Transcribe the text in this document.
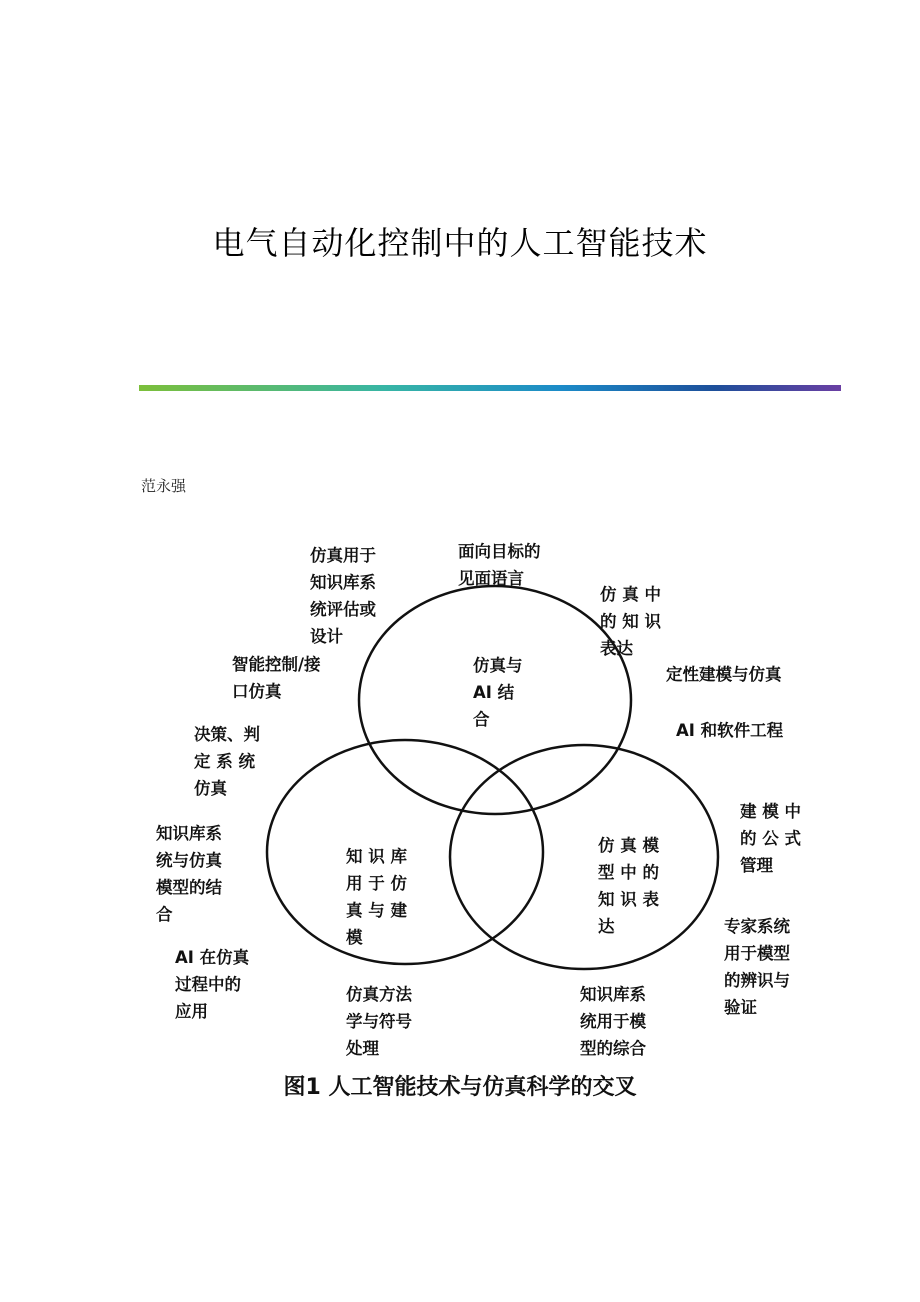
电气自动化控制中的人工智能技术
范永强
仿真与
AI 结
合
知 识 库
用 于 仿
真 与 建
模
仿 真 模
型 中 的
知 识 表
达
仿真用于
知识库系
统评估或
设计
面向目标的
见面语言
仿 真 中
的 知 识
表达
智能控制/接
口仿真
定性建模与仿真
AI 和软件工程
决策、判
定 系 统
仿真
建 模 中
的 公 式
管理
知识库系
统与仿真
模型的结
合
专家系统
用于模型
的辨识与
验证
AI 在仿真
过程中的
应用
仿真方法
学与符号
处理
知识库系
统用于模
型的综合
图1 人工智能技术与仿真科学的交叉
